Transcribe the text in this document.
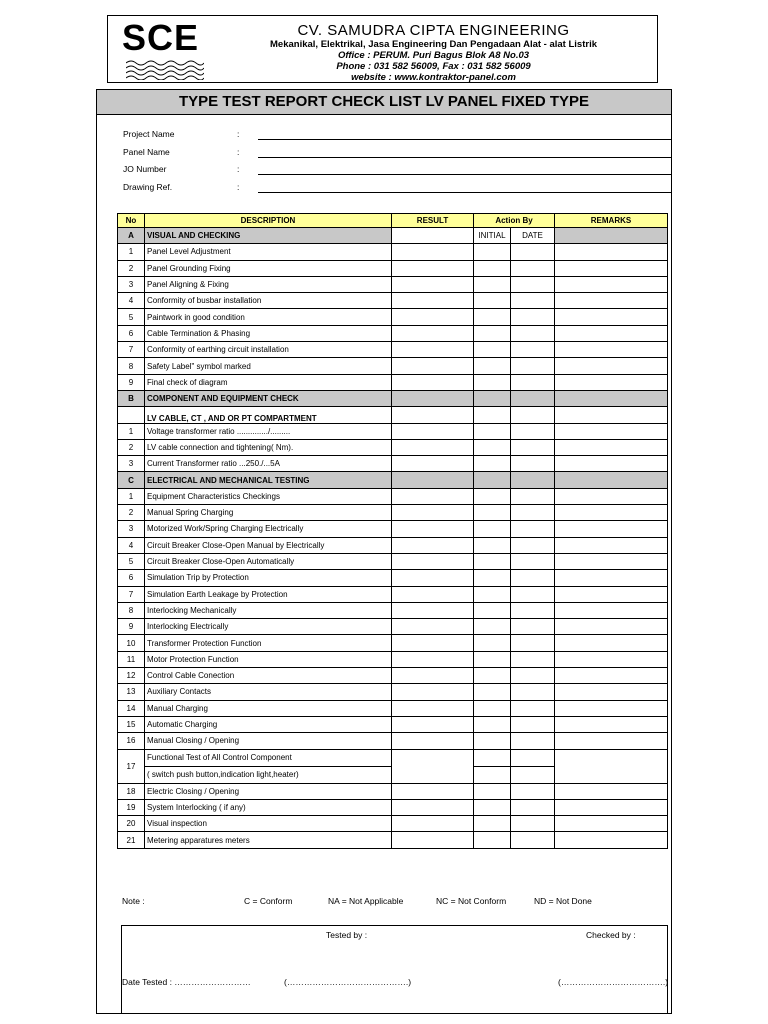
SCE	CV. SAMUDRA CIPTA ENGINEERING
Mekanikal, Elektrikal, Jasa Engineering Dan Pengadaan Alat - alat Listrik
Office : PERUM. Puri Bagus Blok A8 No.03
Phone : 031 582 56009, Fax : 031 582 56009
website : www.kontraktor-panel.com
TYPE TEST REPORT CHECK LIST LV PANEL FIXED TYPE
Project Name	:
Panel Name	:
JO Number	:
Drawing Ref.	:
No	DESCRIPTION	RESULT	Action By		REMARKS
A	VISUAL AND CHECKING		INITIAL	DATE	
1	Panel Level Adjustment				
2	Panel Grounding Fixing				
3	Panel Aligning & Fixing				
4	Conformity of busbar installation				
5	Paintwork in good condition				
6	Cable Termination & Phasing				
7	Conformity of earthing circuit installation				
8	Safety Label" symbol marked				
9	Final check of diagram				
B	COMPONENT AND EQUIPMENT CHECK				
	LV CABLE, CT , AND OR PT COMPARTMENT				
1	Voltage transformer ratio ............../.........				
2	LV cable connection and tightening( Nm).				
3	Current Transformer ratio ...250./...5A				
C	ELECTRICAL AND MECHANICAL TESTING				
1	Equipment Characteristics Checkings				
2	Manual Spring Charging				
3	Motorized Work/Spring Charging Electrically				
4	Circuit Breaker Close-Open Manual by Electrically				
5	Circuit Breaker Close-Open Automatically				
6	Simulation Trip by Protection				
7	Simulation Earth Leakage by Protection				
8	Interlocking Mechanically				
9	Interlocking Electrically				
10	Transformer Protection Function				
11	Motor Protection Function				
12	Control Cable Conection				
13	Auxiliary Contacts				
14	Manual Charging				
15	Automatic Charging				
16	Manual Closing / Opening				
17	Functional Test of All Control Component				
	( switch push button,indication light,heater)				
18	Electric Closing / Opening				
19	System Interlocking ( if any)				
20	Visual inspection				
21	Metering apparatures meters				
Note :	C = Conform	NA = Not Applicable	NC = Not Conform	ND = Not Done
Tested by :	Checked by :
Date Tested : ………………………	(…………………………………….)	(……………………………….)
